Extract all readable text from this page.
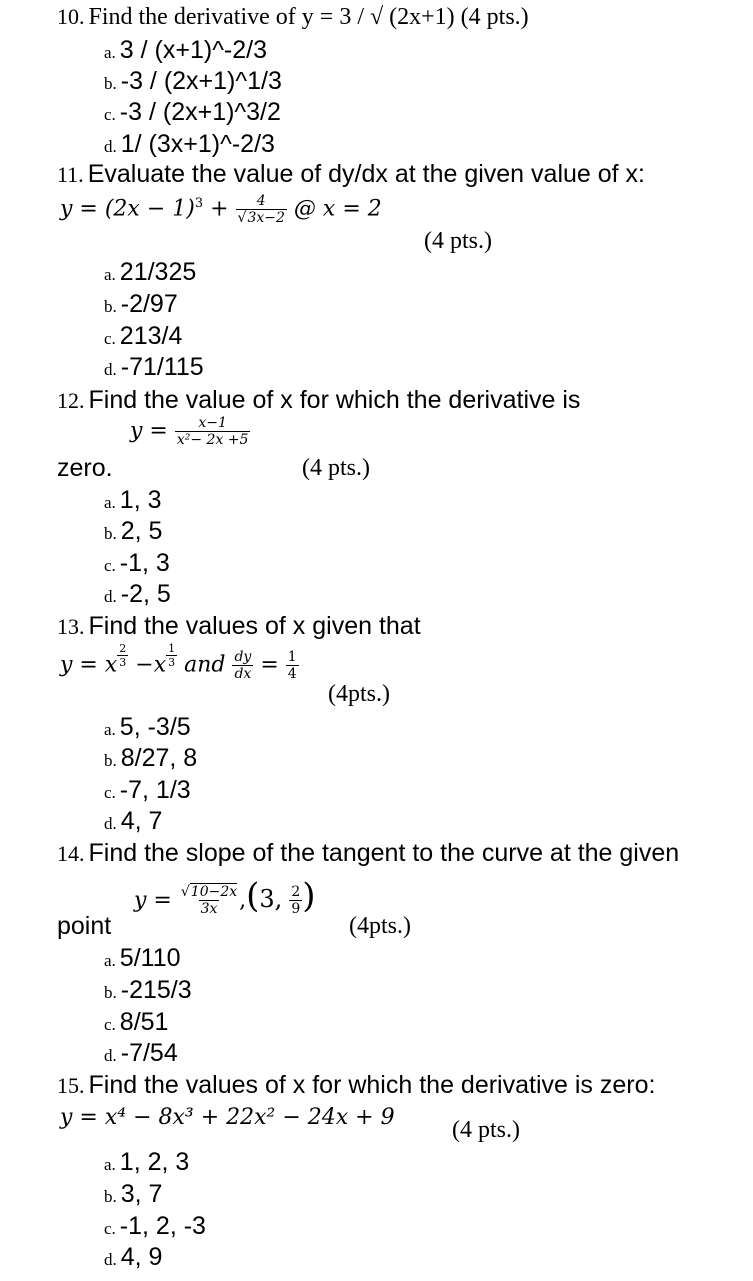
10. Find the derivative of y = 3 / √ (2x+1) (4 pts.)
a. 3 / (x+1)^-2/3
b. -3 / (2x+1)^1/3
c. -3 / (2x+1)^3/2
d. 1/ (3x+1)^-2/3
11. Evaluate the value of dy/dx at the given value of x:
$y = (2x - 1)^3 + \frac{4}{√3x-2}$ @ x = 2
(4 pts.)
a. 21/325
b. -2/97
c. 213/4
d. -71/115
12. Find the value of x for which the derivative is
$y = \frac{x-1}{\text{x²− 2x +5}}$
zero.	(4 pts.)
a. 1, 3
b. 2, 5
c. -1, 3
d. -2, 5
13. Find the values of x given that
y = x $\frac{2}{3} -x \frac{1}{3}$ and $\frac{dy}{dx} = \frac{1}{4}$
(4pts.)
a. 5, -3/5
b. 8/27, 8
c. -7, 1/3
d. 4, 7
14. Find the slope of the tangent to the curve at the given
$y = \frac{√10-2x}{3x} ,(3$, $\frac{2}{9}$ )
point	(4pts.)
a. 5/110
b. -215/3
c. 8/51
d. -7/54
15. Find the values of x for which the derivative is zero:
y = x⁴ − 8x³ + 22x² − 24x + 9 (4 pts.)
a. 1, 2, 3
b. 3, 7
c. -1, 2, -3
d. 4, 9
